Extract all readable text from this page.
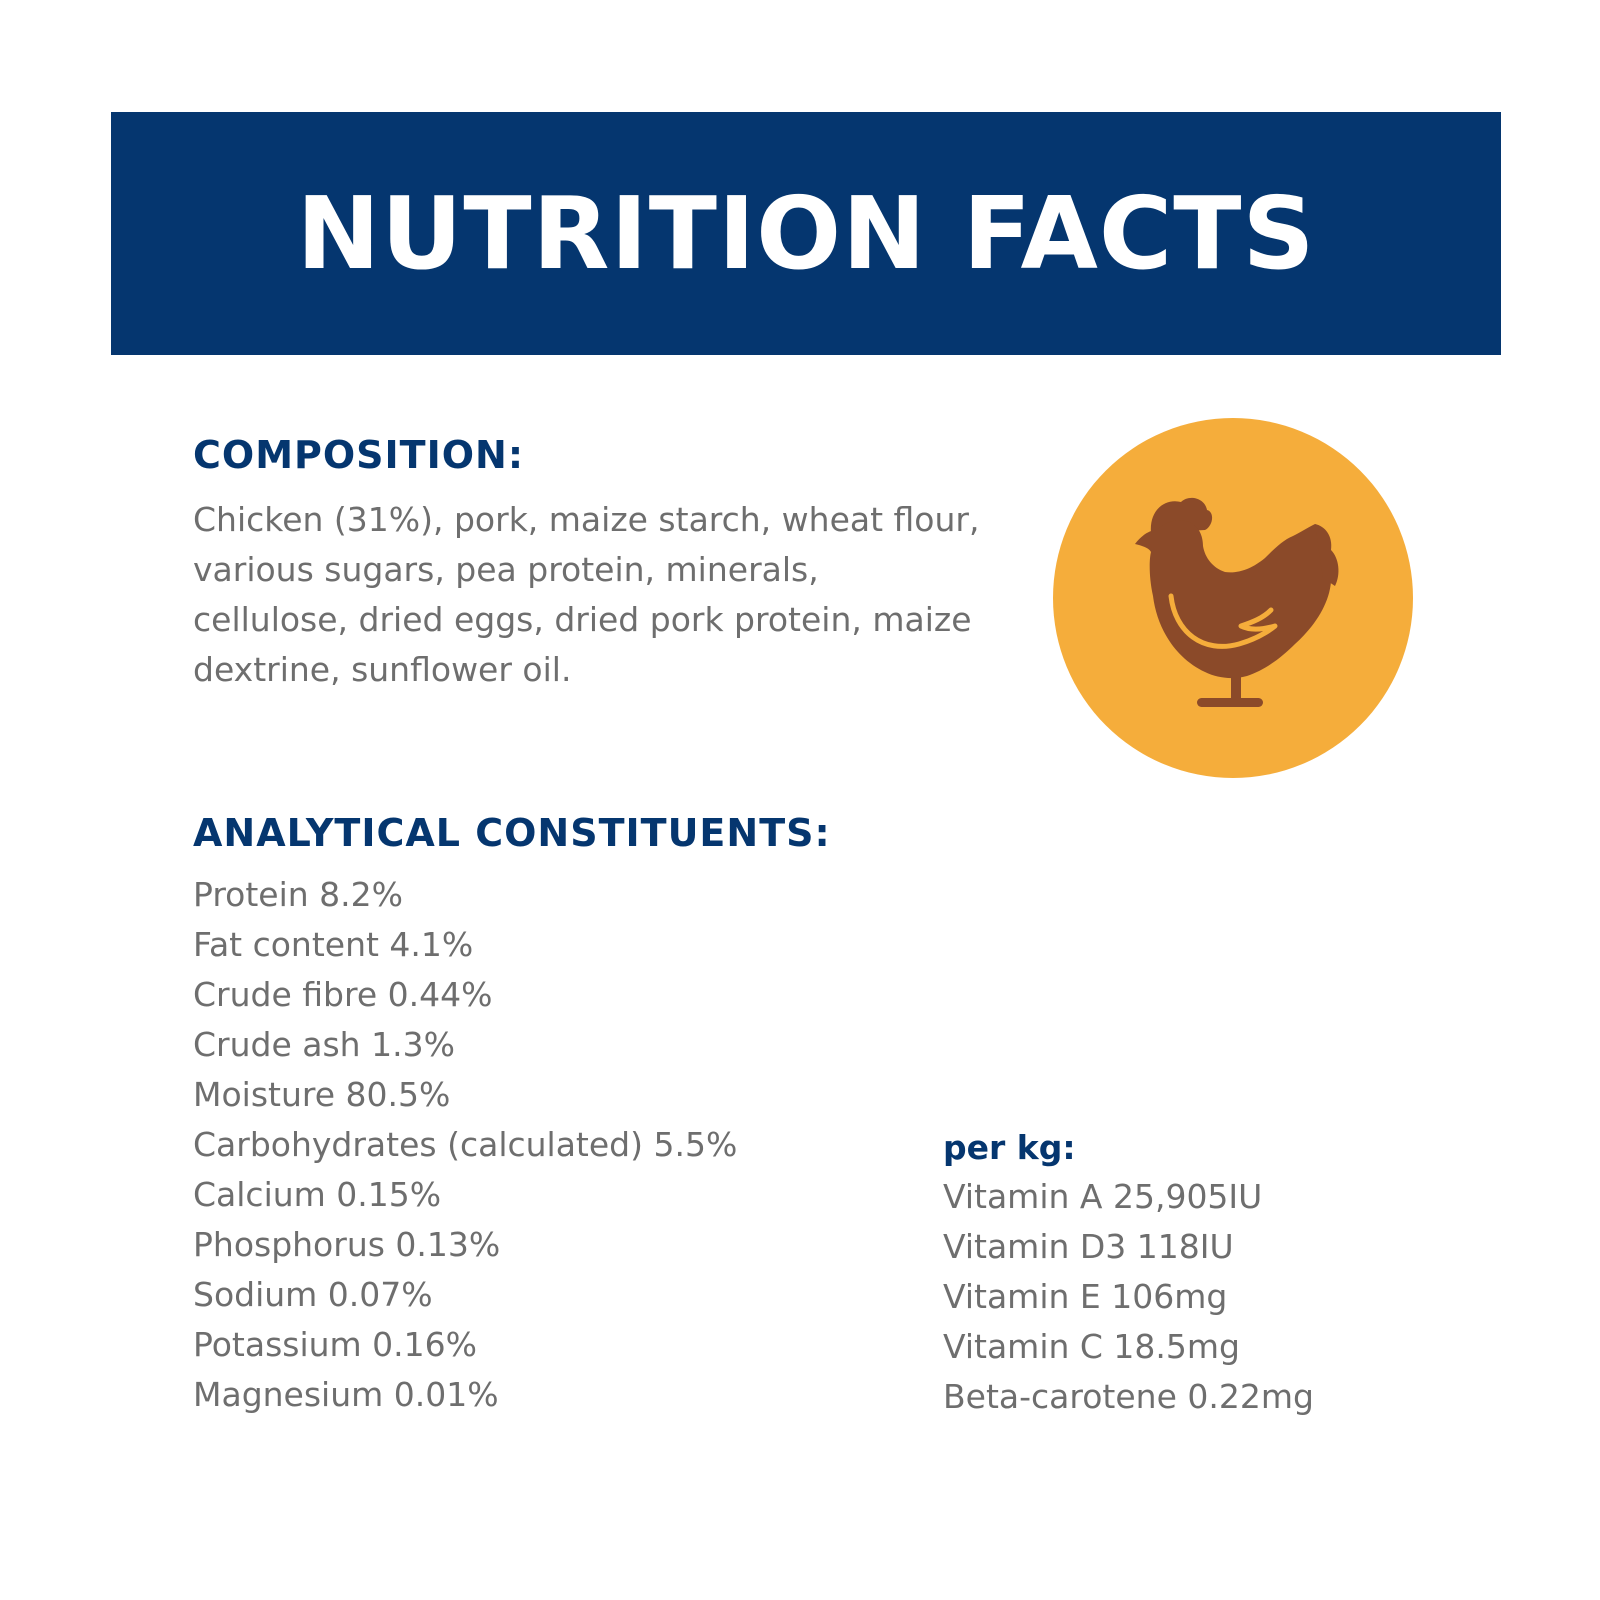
NUTRITION FACTS
COMPOSITION:

Chicken (31%), pork, maize starch, wheat flour, various sugars, pea protein, minerals, cellulose, dried eggs, dried pork protein, maize dextrine, sunflower oil.

ANALYTICAL CONSTITUENTS:
Protein 8.2%
Fat content 4.1%
Crude fibre 0.44%
Crude ash 1.3%
Moisture 80.5%
Carbohydrates (calculated) 5.5%
Calcium 0.15%
Phosphorus 0.13%
Sodium 0.07%
Potassium 0.16%
Magnesium 0.01%
per kg:
Vitamin A 25,905IU
Vitamin D3 118IU
Vitamin E 106mg
Vitamin C 18.5mg
Beta-carotene 0.22mg
